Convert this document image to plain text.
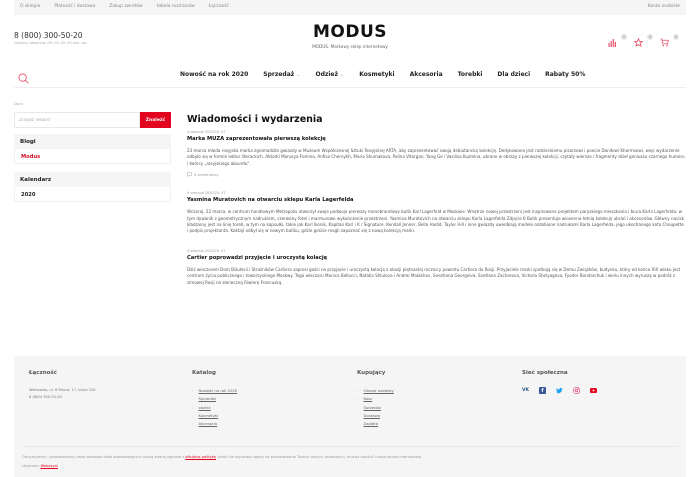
O sklepie	Płatność i dostawa	Zakup zwrotów	tabela rozmiarów	Łączność	Konto osobiste
8 (800) 300-50-20
Godziny otwarcia: 09: 00-18: 00 pon.-wt.
MODUS
MODUS. Markowy sklep internetowy
0	0	0
Nowość na rok 2020	Sprzedaż ⌄	Odzież ⌄	Kosmetyki	Akcesoria	Torebki	Dla dzieci	Rabaty 50%
Dom
Znajdź rekord
Znaleźć
Blogi
Modus
Kalendarz
2020
Wiadomości i wydarzenia
4 sierpnia 2020/20: 47
Marka MUZA zaprezentowała pierwszą kolekcję
23 marca młoda rosyjska marka zgromadziła gwiazdy w Muzeum Współczesnej Sztuki Rosyjskiej ARTA, aby zaprezentować swoją debiutancką kolekcję. Dedykowana jest radzieckiemu pisarzowi i poecie Daniłowi Kharmsowi, więc wydarzenie odbyło się w formie lektur literackich. Aktorki Marusya Fomina, Anfisa Chernykh, Maria Shumakova, Polina Vitorgan, Yang Ge i Vasilisa Kuzmina, ubrane w obrazy z pierwszej kolekcji, czytały wiersze i fragmenty dzieł geniuszu czarnego humoru i twórcy „rosyjskiego absurdu".
0 komentarzy
4 sierpnia 2020/20: 47
Yasmina Muratovich na otwarciu sklepu Karla Lagerfelda
Wczoraj, 22 marca, w centrum handlowym Metropolis otworzył swoje podwoje pierwszy monobrandowy butik Karl Lagerfeld w Moskwie. Wnętrze nowej przestrzeni jest inspirowane projektem paryskiego mieszkania i biura Karla Lagerfelda, w tym dywanik z geometrycznym nadrukiem, czerwony fotel i marmurowe wykończenie przestrzeni. Yasmina Muratovich na otwarciu sklepu Karla Lagerfelda Zdjęcie 0 Butik prezentuje wiosenno-letnią kolekcję ubrań i akcesoriów. Główny nacisk kładziony jest na linię toreb, w tym na kapsułki, takie jak Karl Ikonik, Kapitan Karl i K / Signature. Kendall Jenner, Bella Hadid, Taylor Hill i inne gwiazdy uwielbiają modele ozdobione nadrukami Karla Lagerfelda, jego ukochanego kota Choupette i podpis projektanta. Koktajl odbył się w nowym butiku, gdzie goście mogli zapoznać się z nową kolekcją marki.
4 sierpnia 2020/20: 47
Cartier poprowadzi przyjęcie i uroczystą kolację
Dziś wieczorem Dom Biżuterii i Strażników Cartiera zaprosi gości na przyjęcie i uroczystą kolację z okazji piętnastej rocznicy powrotu Cartiera do Rosji. Przyjaciele marki spotkają się w Domu Związków, budynku, który od końca XIX wieku jest centrum życia publicznego i towarzyskiego Moskwy. Tego wieczoru Monica Bellucci, Natalia Shlulova i Andrei Malakhov, Snezhana Georgieva, Svetlana Zacharova, Victoria Shelyagova, Fyodor Bondarchuk i wielu innych wyruszą w podróż z zimowej Rosji na słoneczną Riwierę Francuską.
Łączność
Warszawa, ul. 8 Marca, 17, biuro 310
8 (800) 300-50-20
Katalog
› Nowość na rok 2020
› Sprzedaż
› odzież
› Kosmetyki
› Akcesoria
Kupujący
› Obszar osobisty
› Kosz
› Sprzedaż
› Dostawa
› Zapłata
Sieć społeczna
VK	f
Otrzymujemy i przetwarzamy dane osobowe osób odwiedzających naszą stronę zgodnie z oficjalną polityką. Jeżeli nie wyrażasz zgody na przetwarzanie Twoich danych osobowych, musisz opuścić naszą stronę internetową.
Używamy Webasyst
